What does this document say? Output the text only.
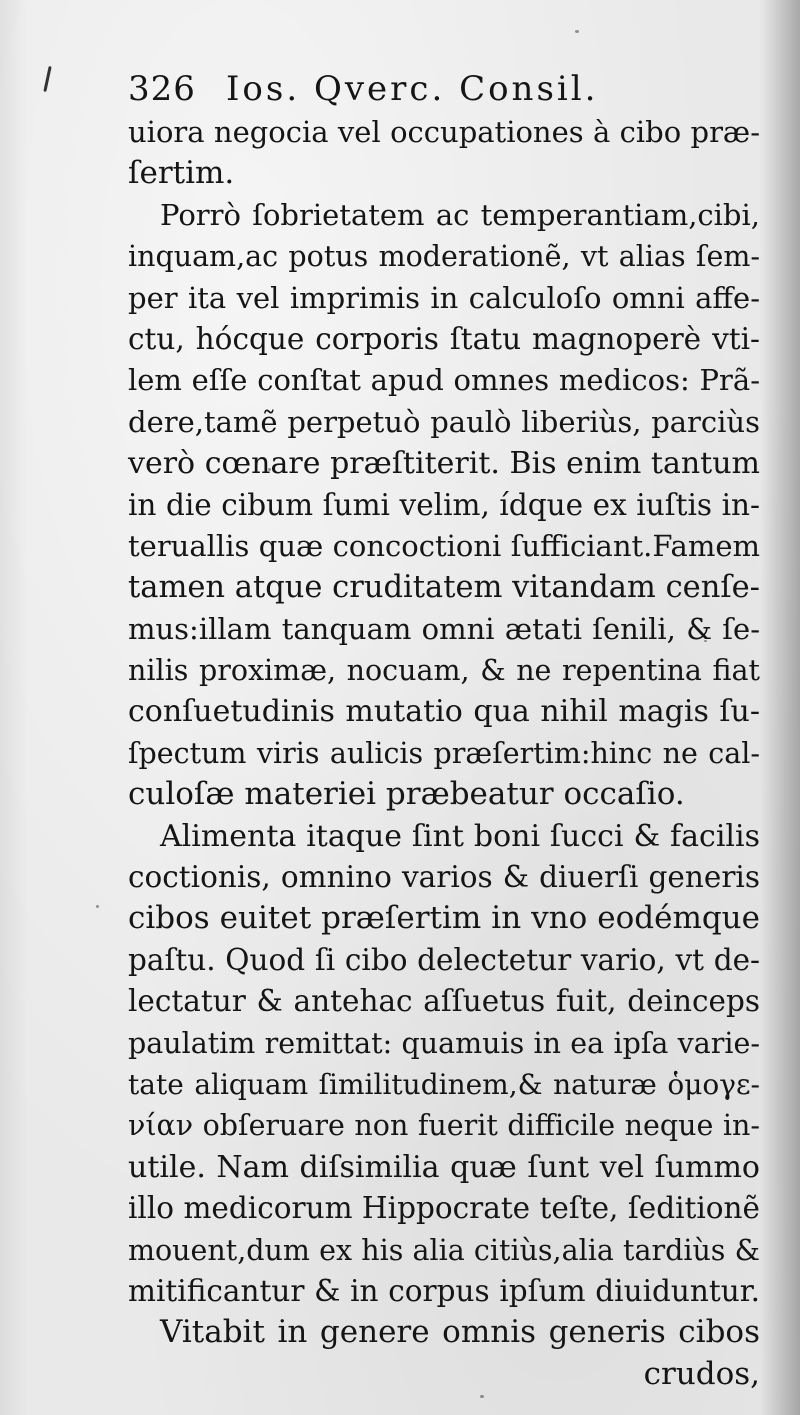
326 Ios. Qverc. Consil.
uiora negocia vel occupationes à cibo præ-
ſertim.
Porrò ſobrietatem ac temperantiam,cibi,
inquam,ac potus moderationẽ, vt alias ſem-
per ita vel imprimis in calculoſo omni affe-
ctu, hócque corporis ſtatu magnoperè vti-
lem eſſe conſtat apud omnes medicos: Prã-
dere,tamẽ perpetuò paulò liberiùs, parciùs
verò cœnare præſtiterit. Bis enim tantum
in die cibum ſumi velim, ídque ex iuſtis in-
teruallis quæ concoctioni ſufficiant.Famem
tamen atque cruditatem vitandam cenſe-
mus:illam tanquam omni ætati ſenili, & ſe-
nilis proximæ, nocuam, & ne repentina fiat
conſuetudinis mutatio qua nihil magis ſu-
ſpectum viris aulicis præſertim:hinc ne cal-
culoſæ materiei præbeatur occaſio.
Alimenta itaque ſint boni ſucci & facilis
coctionis, omnino varios & diuerſi generis
cibos euitet præſertim in vno eodémque
paſtu. Quod ſi cibo delectetur vario, vt de-
lectatur & antehac aſſuetus fuit, deinceps
paulatim remittat: quamuis in ea ipſa varie-
tate aliquam ſimilitudinem,& naturæ ὁμογε-
νίαν obſeruare non fuerit difficile neque in-
utile. Nam diſsimilia quæ ſunt vel ſummo
illo medicorum Hippocrate teſte, ſeditionẽ
mouent,dum ex his alia citiùs,alia tardiùs &
mitificantur & in corpus ipſum diuiduntur.
Vitabit in genere omnis generis cibos
crudos,
